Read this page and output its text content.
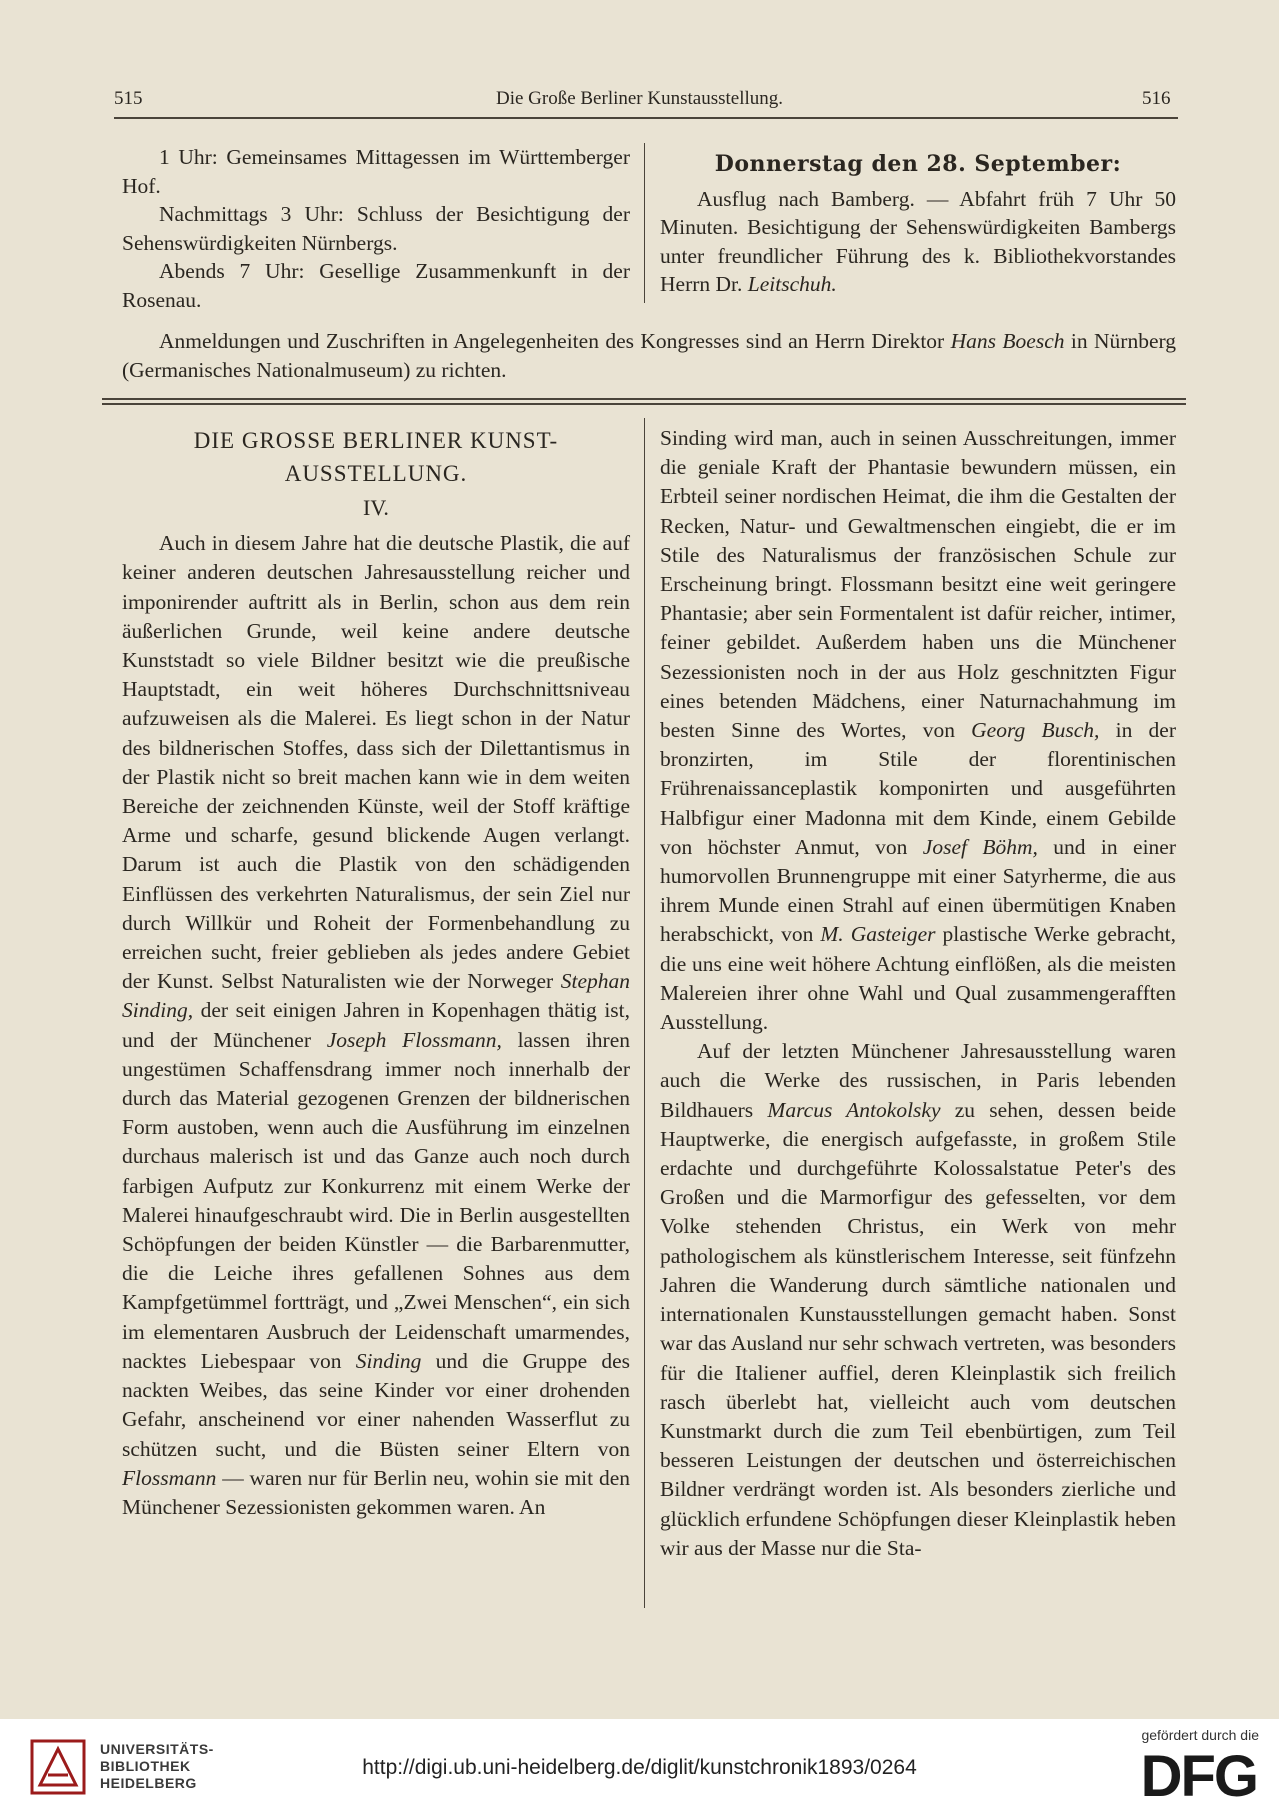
515	Die Große Berliner Kunstausstellung.	516

1 Uhr: Gemeinsames Mittagessen im Württemberger Hof.

Nachmittags 3 Uhr: Schluss der Besichtigung der Sehenswürdigkeiten Nürnbergs.

Abends 7 Uhr: Gesellige Zusammenkunft in der Rosenau.

Donnerstag den 28. September:

Ausflug nach Bamberg. — Abfahrt früh 7 Uhr 50 Minuten. Besichtigung der Sehenswürdigkeiten Bambergs unter freundlicher Führung des k. Bibliothekvorstandes Herrn Dr. Leitschuh.

Anmeldungen und Zuschriften in Angelegenheiten des Kongresses sind an Herrn Direktor Hans Boesch in Nürnberg (Germanisches Nationalmuseum) zu richten.

DIE GROSSE BERLINER KUNST-AUSSTELLUNG.

IV.

Auch in diesem Jahre hat die deutsche Plastik, die auf keiner anderen deutschen Jahresausstellung reicher und imponirender auftritt als in Berlin, schon aus dem rein äußerlichen Grunde, weil keine andere deutsche Kunststadt so viele Bildner besitzt wie die preußische Hauptstadt, ein weit höheres Durchschnittsniveau aufzuweisen als die Malerei. Es liegt schon in der Natur des bildnerischen Stoffes, dass sich der Dilettantismus in der Plastik nicht so breit machen kann wie in dem weiten Bereiche der zeichnenden Künste, weil der Stoff kräftige Arme und scharfe, gesund blickende Augen verlangt. Darum ist auch die Plastik von den schädigenden Einflüssen des verkehrten Naturalismus, der sein Ziel nur durch Willkür und Roheit der Formenbehandlung zu erreichen sucht, freier geblieben als jedes andere Gebiet der Kunst. Selbst Naturalisten wie der Norweger Stephan Sinding, der seit einigen Jahren in Kopenhagen thätig ist, und der Münchener Joseph Flossmann, lassen ihren ungestümen Schaffensdrang immer noch innerhalb der durch das Material gezogenen Grenzen der bildnerischen Form austoben, wenn auch die Ausführung im einzelnen durchaus malerisch ist und das Ganze auch noch durch farbigen Aufputz zur Konkurrenz mit einem Werke der Malerei hinaufgeschraubt wird. Die in Berlin ausgestellten Schöpfungen der beiden Künstler — die Barbarenmutter, die die Leiche ihres gefallenen Sohnes aus dem Kampfgetümmel fortträgt, und „Zwei Menschen“, ein sich im elementaren Ausbruch der Leidenschaft umarmendes, nacktes Liebespaar von Sinding und die Gruppe des nackten Weibes, das seine Kinder vor einer drohenden Gefahr, anscheinend vor einer nahenden Wasserflut zu schützen sucht, und die Büsten seiner Eltern von Flossmann — waren nur für Berlin neu, wohin sie mit den Münchener Sezessionisten gekommen waren. An

Sinding wird man, auch in seinen Ausschreitungen, immer die geniale Kraft der Phantasie bewundern müssen, ein Erbteil seiner nordischen Heimat, die ihm die Gestalten der Recken, Natur- und Gewaltmenschen eingiebt, die er im Stile des Naturalismus der französischen Schule zur Erscheinung bringt. Flossmann besitzt eine weit geringere Phantasie; aber sein Formentalent ist dafür reicher, intimer, feiner gebildet. Außerdem haben uns die Münchener Sezessionisten noch in der aus Holz geschnitzten Figur eines betenden Mädchens, einer Naturnachahmung im besten Sinne des Wortes, von Georg Busch, in der bronzirten, im Stile der florentinischen Frührenaissanceplastik komponirten und ausgeführten Halbfigur einer Madonna mit dem Kinde, einem Gebilde von höchster Anmut, von Josef Böhm, und in einer humorvollen Brunnengruppe mit einer Satyrherme, die aus ihrem Munde einen Strahl auf einen übermütigen Knaben herabschickt, von M. Gasteiger plastische Werke gebracht, die uns eine weit höhere Achtung einflößen, als die meisten Malereien ihrer ohne Wahl und Qual zusammengerafften Ausstellung.

Auf der letzten Münchener Jahresausstellung waren auch die Werke des russischen, in Paris lebenden Bildhauers Marcus Antokolsky zu sehen, dessen beide Hauptwerke, die energisch aufgefasste, in großem Stile erdachte und durchgeführte Kolossalstatue Peter's des Großen und die Marmorfigur des gefesselten, vor dem Volke stehenden Christus, ein Werk von mehr pathologischem als künstlerischem Interesse, seit fünfzehn Jahren die Wanderung durch sämtliche nationalen und internationalen Kunstausstellungen gemacht haben. Sonst war das Ausland nur sehr schwach vertreten, was besonders für die Italiener auffiel, deren Kleinplastik sich freilich rasch überlebt hat, vielleicht auch vom deutschen Kunstmarkt durch die zum Teil ebenbürtigen, zum Teil besseren Leistungen der deutschen und österreichischen Bildner verdrängt worden ist. Als besonders zierliche und glücklich erfundene Schöpfungen dieser Kleinplastik heben wir aus der Masse nur die Sta-

UNIVERSITÄTS-
BIBLIOTHEK
HEIDELBERG
http://digi.ub.uni-heidelberg.de/diglit/kunstchronik1893/0264
gefördert durch die
DFG
